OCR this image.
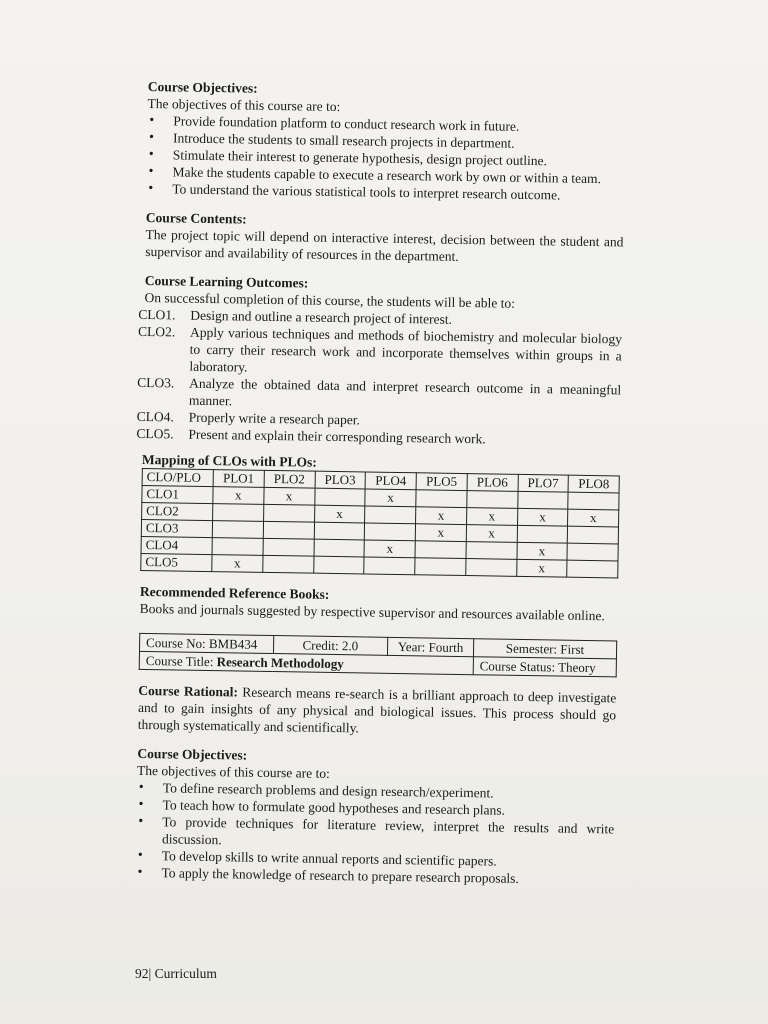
Course Objectives:

The objectives of this course are to:

• Provide foundation platform to conduct research work in future.
• Introduce the students to small research projects in department.
• Stimulate their interest to generate hypothesis, design project outline.
• Make the students capable to execute a research work by own or within a team.
• To understand the various statistical tools to interpret research outcome.

Course Contents:

The project topic will depend on interactive interest, decision between the student and supervisor and availability of resources in the department.

Course Learning Outcomes:

On successful completion of this course, the students will be able to:

CLO1.	Design and outline a research project of interest.
CLO2.	Apply various techniques and methods of biochemistry and molecular biology to carry their research work and incorporate themselves within groups in a laboratory.
CLO3.	Analyze the obtained data and interpret research outcome in a meaningful manner.
CLO4.	Properly write a research paper.
CLO5.	Present and explain their corresponding research work.

Mapping of CLOs with PLOs:

CLO/PLO	PLO1	PLO2	PLO3	PLO4	PLO5	PLO6	PLO7	PLO8
CLO1	x	x		x				
CLO2			x		x	x	x	x
CLO3					x	x		
CLO4				x			x	
CLO5	x						x	

Recommended Reference Books:

Books and journals suggested by respective supervisor and resources available online.

Course No: BMB434	Credit: 2.0	Year: Fourth	Semester: First
Course Title: Research Methodology			Course Status: Theory

Course Rational: Research means re-search is a brilliant approach to deep investigate and to gain insights of any physical and biological issues. This process should go through systematically and scientifically.

Course Objectives:

The objectives of this course are to:

• To define research problems and design research/experiment.
• To teach how to formulate good hypotheses and research plans.
• To provide techniques for literature review, interpret the results and write discussion.
• To develop skills to write annual reports and scientific papers.
• To apply the knowledge of research to prepare research proposals.
92| Curriculum
